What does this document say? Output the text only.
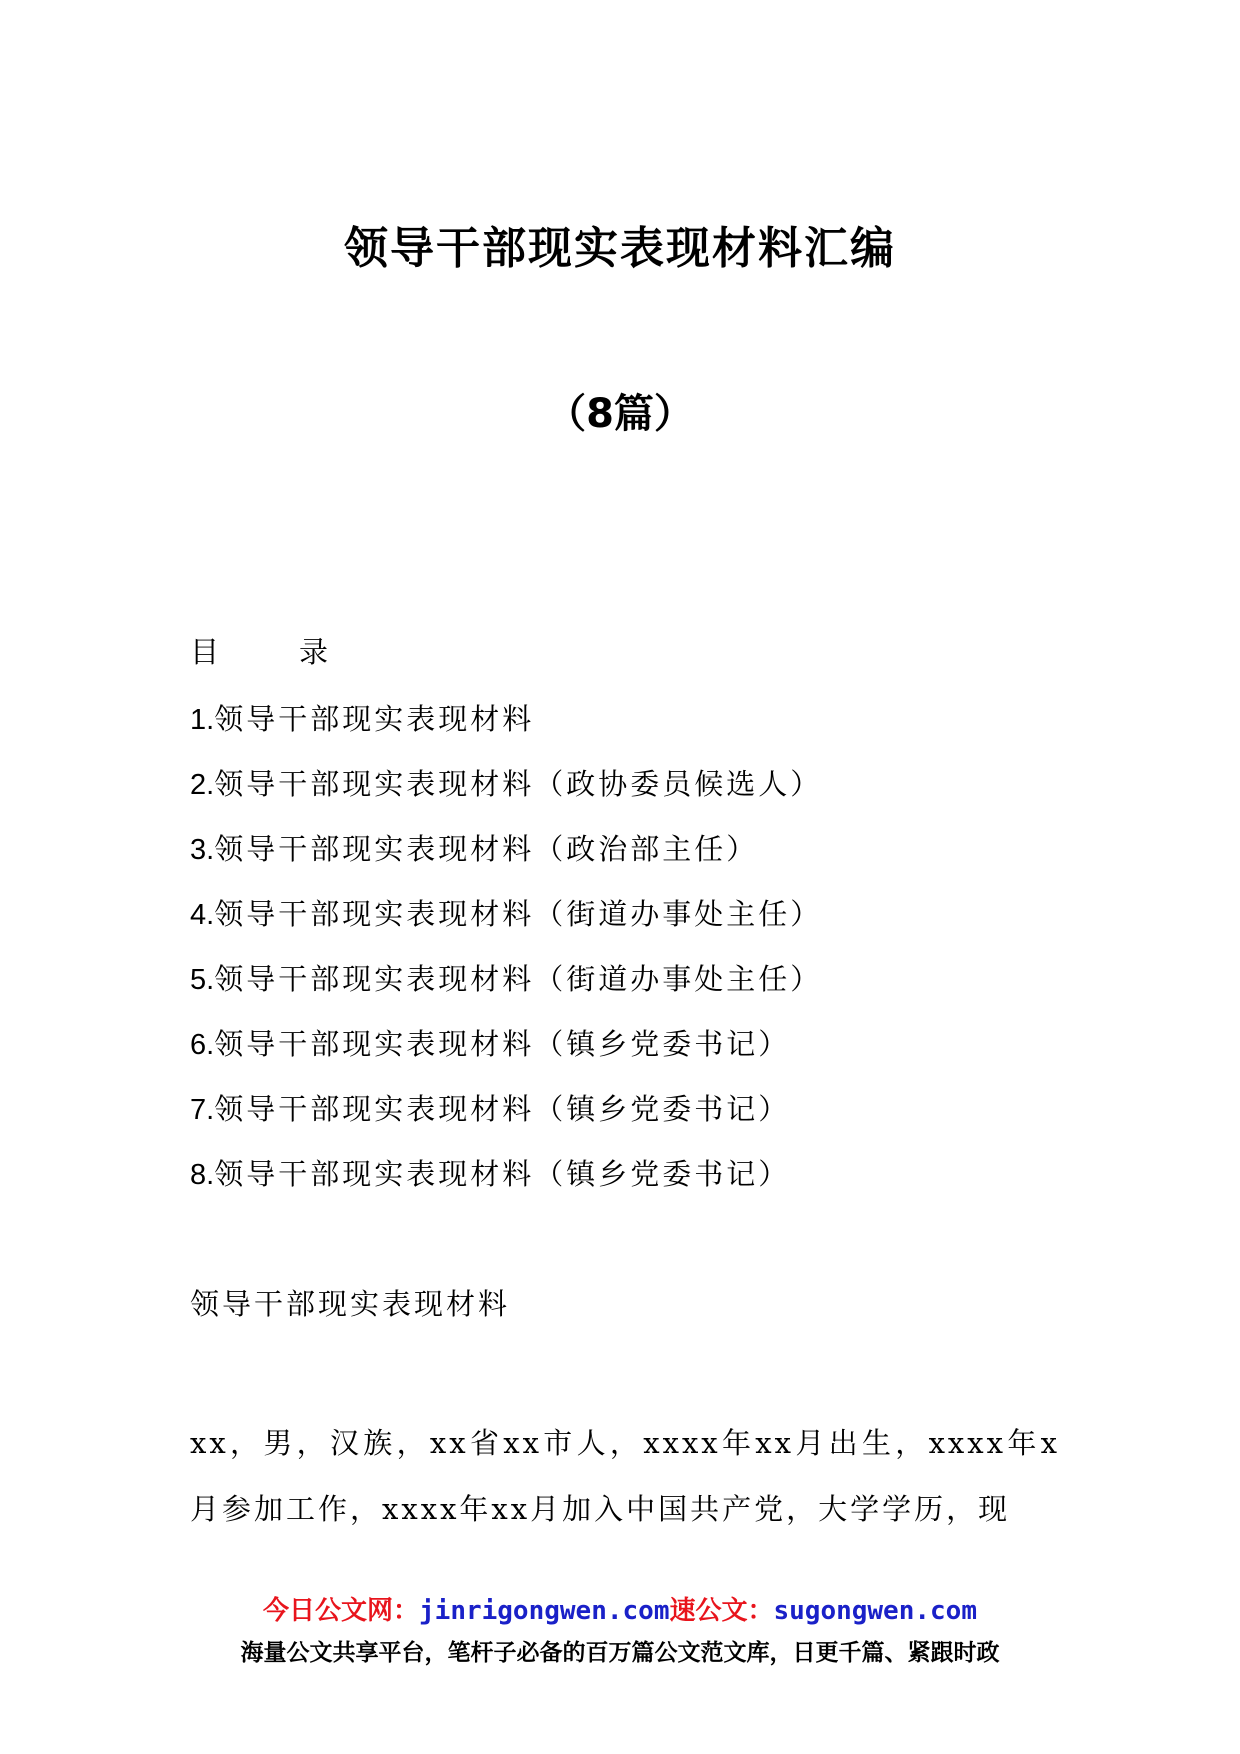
领导干部现实表现材料汇编
（8篇）
目	录
1.领导干部现实表现材料
2.领导干部现实表现材料（政协委员候选人）
3.领导干部现实表现材料（政治部主任）
4.领导干部现实表现材料（街道办事处主任）
5.领导干部现实表现材料（街道办事处主任）
6.领导干部现实表现材料（镇乡党委书记）
7.领导干部现实表现材料（镇乡党委书记）
8.领导干部现实表现材料（镇乡党委书记）
领导干部现实表现材料
xx，男，汉族，xx省xx市人，xxxx年xx月出生，xxxx年x月参加工作，xxxx年xx月加入中国共产党，大学学历，现
今日公文网：jinrigongwen.com速公文：sugongwen.com
海量公文共享平台，笔杆子必备的百万篇公文范文库，日更千篇、紧跟时政
